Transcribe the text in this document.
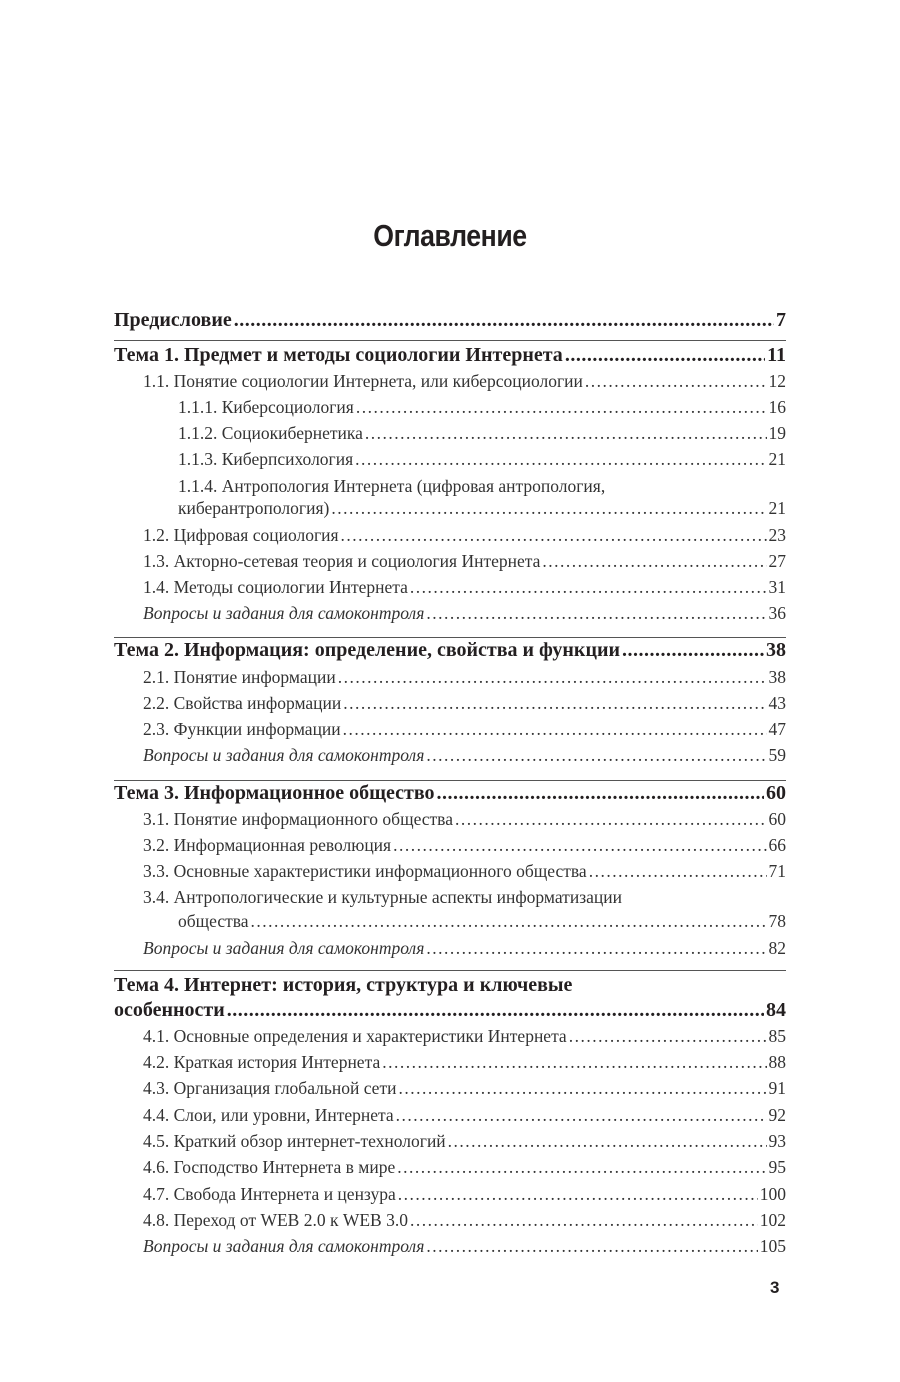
Оглавление
Предисловие .....	7
Тема 1. Предмет и методы социологии Интернета .....	11
1.1. Понятие социологии Интернета, или киберсоциологии .....	12
1.1.1. Киберсоциология .....	16
1.1.2. Социокибернетика .....	19
1.1.3. Киберпсихология .....	21
1.1.4. Антропология Интернета (цифровая антропология,
киберантропология) .....	21
1.2. Цифровая социология .....	23
1.3. Акторно-сетевая теория и социология Интернета .....	27
1.4. Методы социологии Интернета .....	31
Вопросы и задания для самоконтроля .....	36
Тема 2. Информация: определение, свойства и функции .....	38
2.1. Понятие информации .....	38
2.2. Свойства информации .....	43
2.3. Функции информации .....	47
Вопросы и задания для самоконтроля .....	59
Тема 3. Информационное общество .....	60
3.1. Понятие информационного общества .....	60
3.2. Информационная революция .....	66
3.3. Основные характеристики информационного общества .....	71
3.4. Антропологические и культурные аспекты информатизации
общества .....	78
Вопросы и задания для самоконтроля .....	82
Тема 4. Интернет: история, структура и ключевые
особенности .....	84
4.1. Основные определения и характеристики Интернета .....	85
4.2. Краткая история Интернета .....	88
4.3. Организация глобальной сети .....	91
4.4. Слои, или уровни, Интернета .....	92
4.5. Краткий обзор интернет-технологий .....	93
4.6. Господство Интернета в мире .....	95
4.7. Свобода Интернета и цензура .....	100
4.8. Переход от WEB 2.0 к WEB 3.0 .....	102
Вопросы и задания для самоконтроля .....	105
3
